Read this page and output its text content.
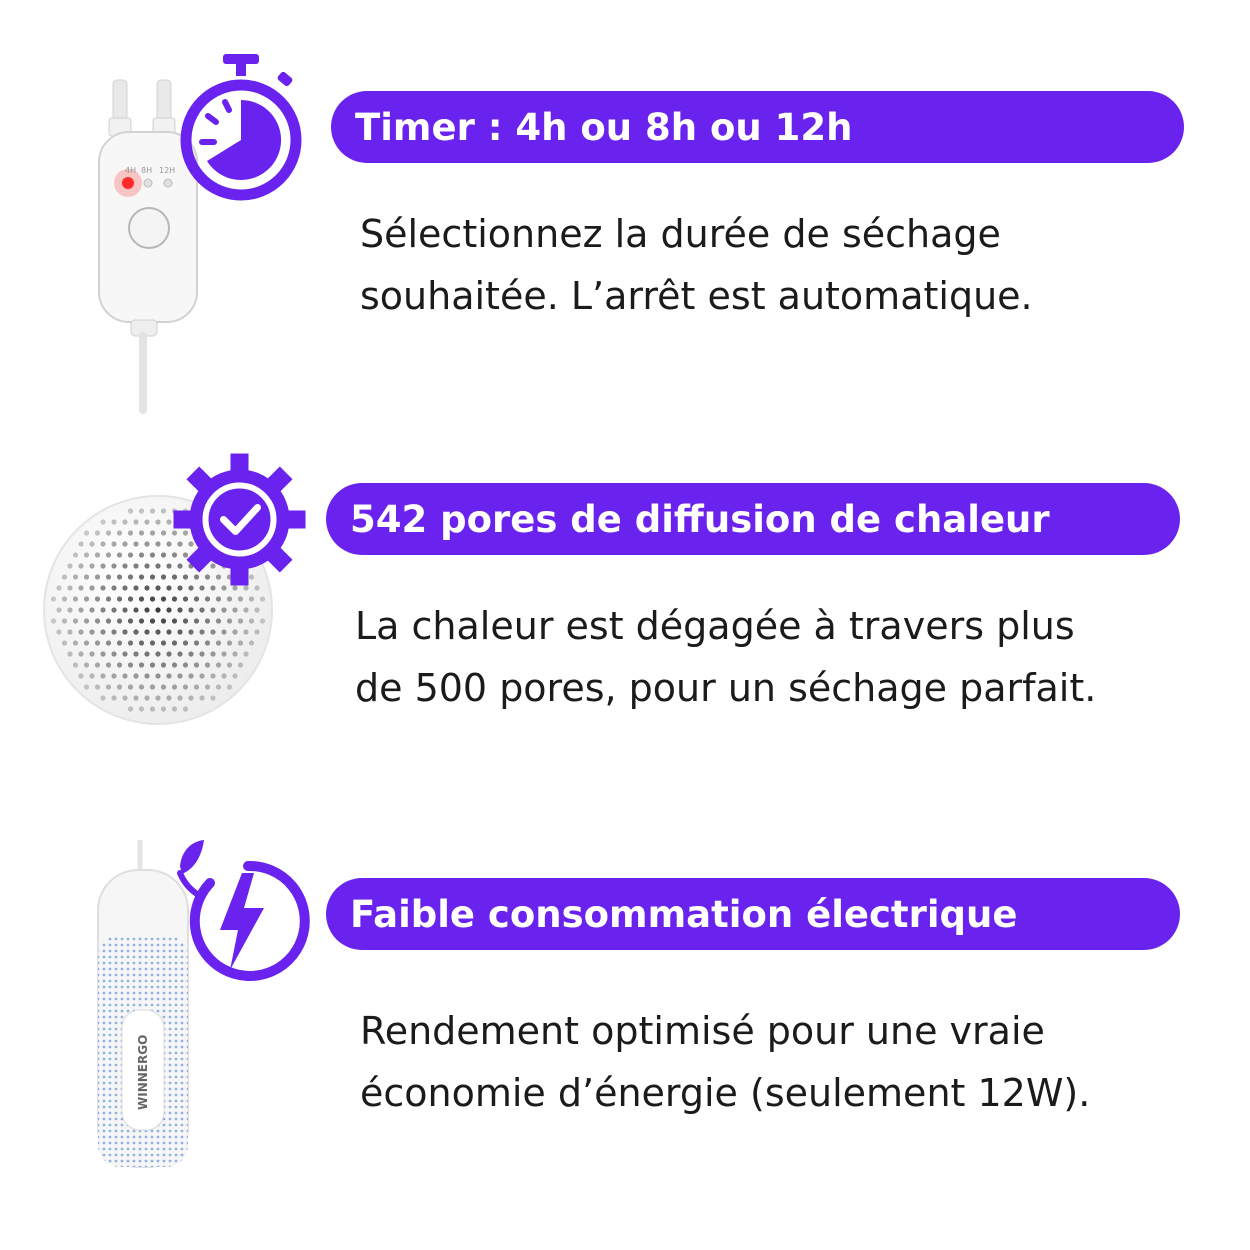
4H 8H 12H
Timer : 4h ou 8h ou 12h
Sélectionnez la durée de séchage
souhaitée. L’arrêt est automatique.
542 pores de diffusion de chaleur
La chaleur est dégagée à travers plus
de 500 pores, pour un séchage parfait.
WINNERGO
Faible consommation électrique
Rendement optimisé pour une vraie
économie d’énergie (seulement 12W).
